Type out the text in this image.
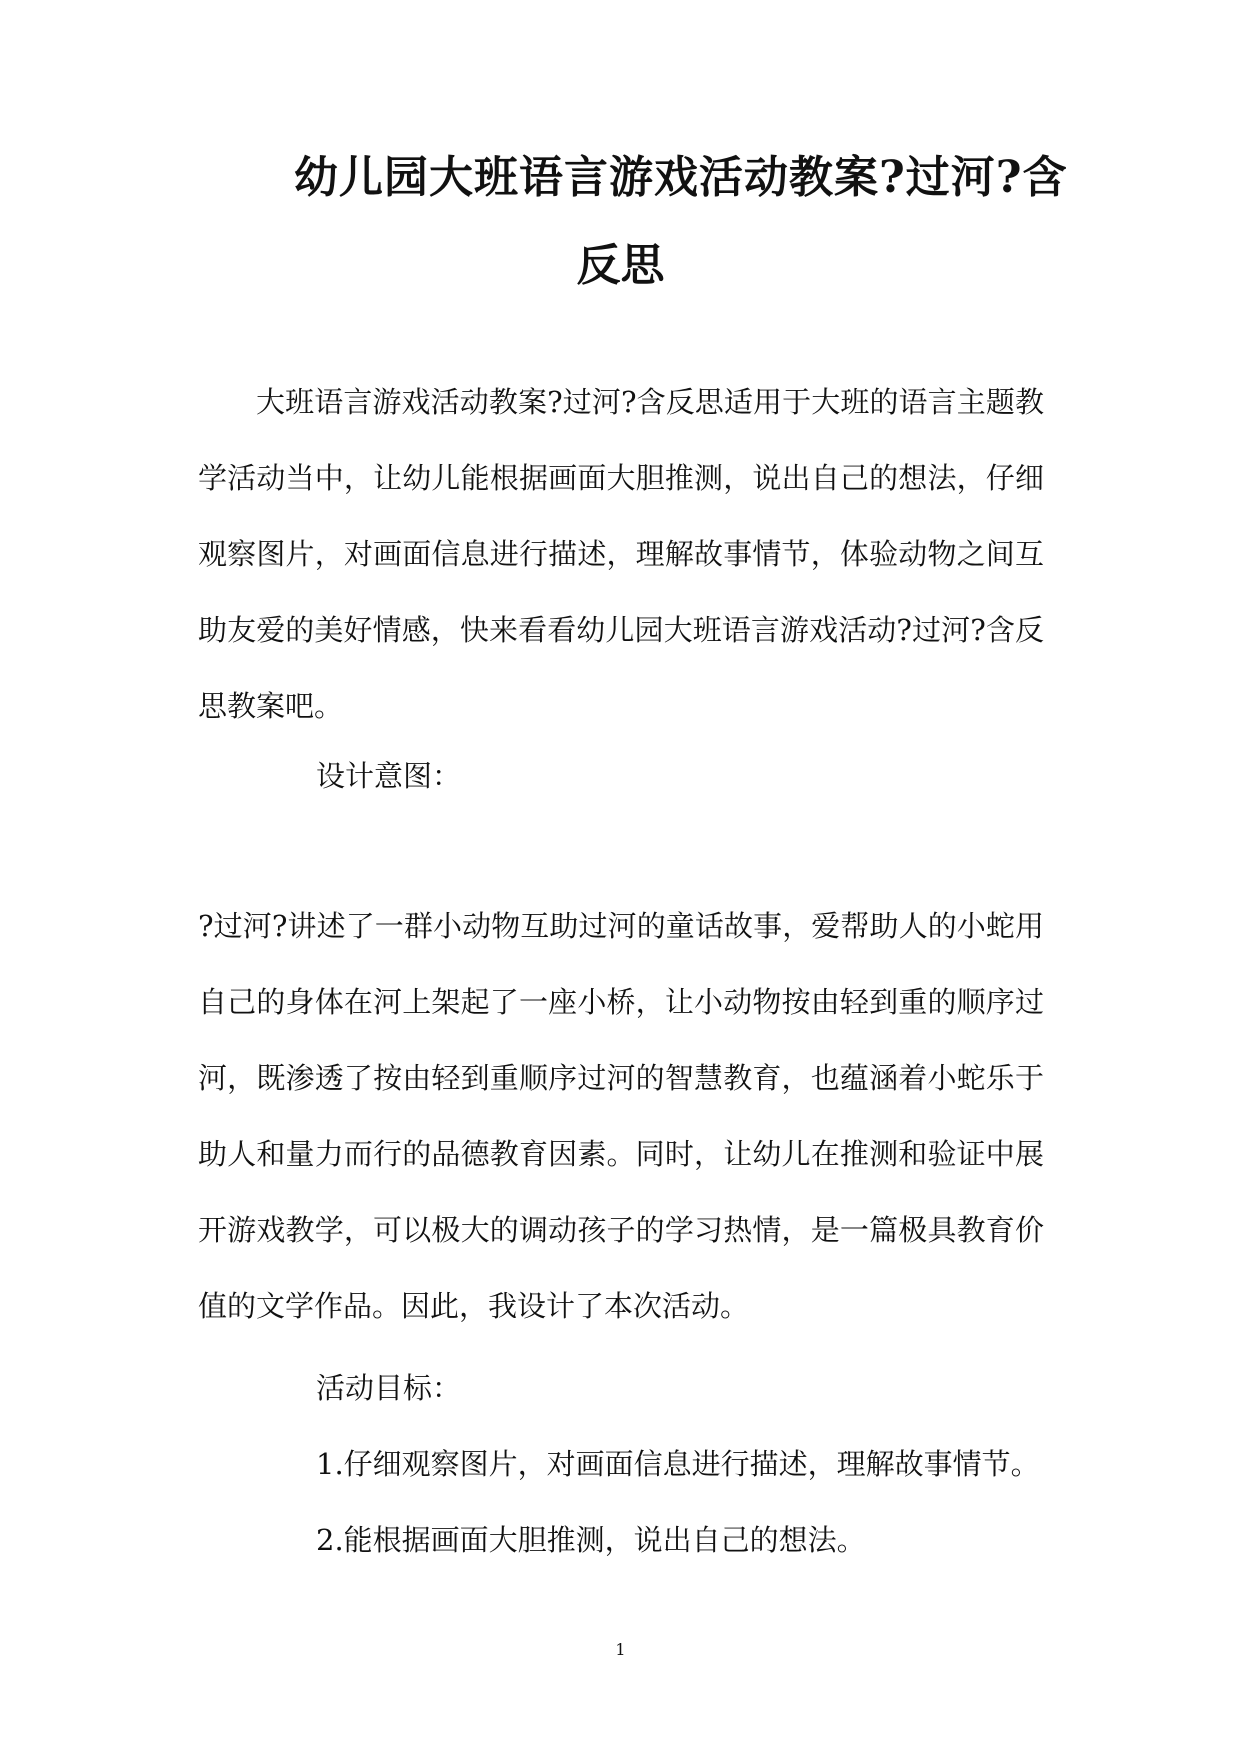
幼儿园大班语言游戏活动教案?过河?含
反思
大班语言游戏活动教案?过河?含反思适用于大班的语言主题教
学活动当中，让幼儿能根据画面大胆推测，说出自己的想法，仔细
观察图片，对画面信息进行描述，理解故事情节，体验动物之间互
助友爱的美好情感，快来看看幼儿园大班语言游戏活动?过河?含反
思教案吧。
设计意图：
?过河?讲述了一群小动物互助过河的童话故事，爱帮助人的小蛇用
自己的身体在河上架起了一座小桥，让小动物按由轻到重的顺序过
河，既渗透了按由轻到重顺序过河的智慧教育，也蕴涵着小蛇乐于
助人和量力而行的品德教育因素。同时，让幼儿在推测和验证中展
开游戏教学，可以极大的调动孩子的学习热情，是一篇极具教育价
值的文学作品。因此，我设计了本次活动。
活动目标：
1.仔细观察图片，对画面信息进行描述，理解故事情节。
2.能根据画面大胆推测，说出自己的想法。
1
